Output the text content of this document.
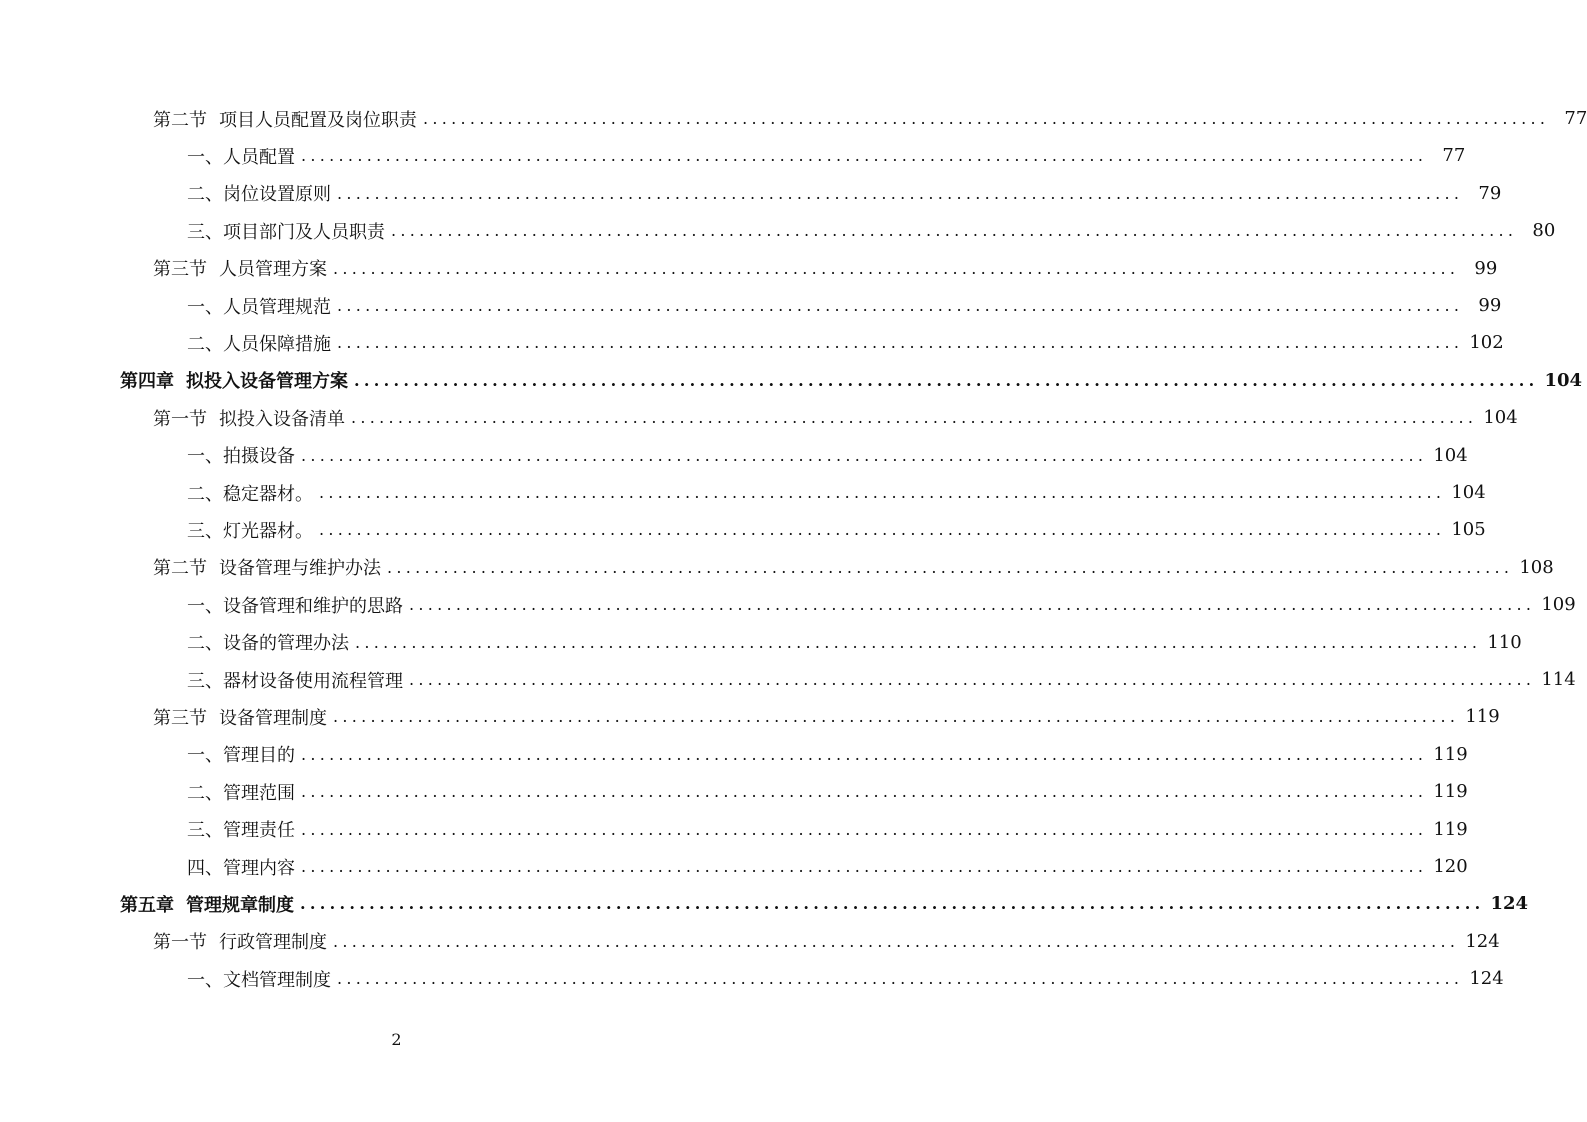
第二节 项目人员配置及岗位职责 ........................................................................................................................ 77
一、人员配置 ........................................................................................................................ 77
二、岗位设置原则 ........................................................................................................................ 79
三、项目部门及人员职责 ........................................................................................................................ 80
第三节 人员管理方案 ........................................................................................................................ 99
一、人员管理规范 ........................................................................................................................ 99
二、人员保障措施 ........................................................................................................................ 102
第四章 拟投入设备管理方案 ........................................................................................................................ 104
第一节 拟投入设备清单 ........................................................................................................................ 104
一、拍摄设备 ........................................................................................................................ 104
二、稳定器材。 ........................................................................................................................ 104
三、灯光器材。 ........................................................................................................................ 105
第二节 设备管理与维护办法 ........................................................................................................................ 108
一、设备管理和维护的思路 ........................................................................................................................ 109
二、设备的管理办法 ........................................................................................................................ 110
三、器材设备使用流程管理 ........................................................................................................................ 114
第三节 设备管理制度 ........................................................................................................................ 119
一、管理目的 ........................................................................................................................ 119
二、管理范围 ........................................................................................................................ 119
三、管理责任 ........................................................................................................................ 119
四、管理内容 ........................................................................................................................ 120
第五章 管理规章制度 ........................................................................................................................ 124
第一节 行政管理制度 ........................................................................................................................ 124
一、文档管理制度 ........................................................................................................................ 124
2
